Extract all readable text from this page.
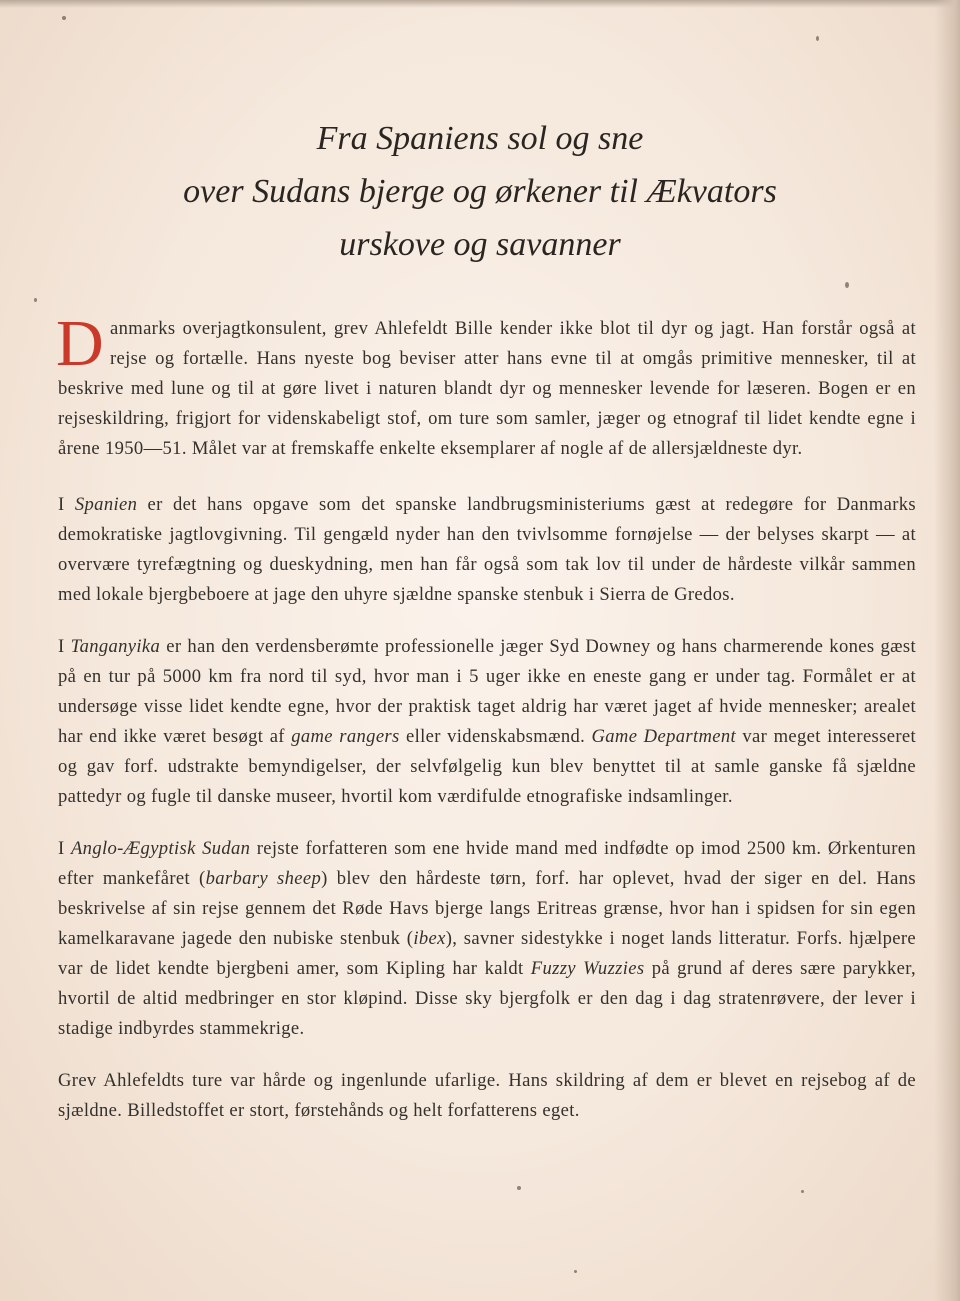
Fra Spaniens sol og sne
over Sudans bjerge og ørkener til Ækvators
urskove og savanner

Danmarks overjagtkonsulent, grev Ahlefeldt Bille kender ikke blot til dyr og jagt. Han forstår også at rejse og fortælle. Hans nyeste bog beviser atter hans evne til at omgås primitive mennesker, til at beskrive med lune og til at gøre livet i naturen blandt dyr og mennesker levende for læseren. Bogen er en rejseskildring, frigjort for videnskabeligt stof, om ture som samler, jæger og etnograf til lidet kendte egne i årene 1950—51. Målet var at fremskaffe enkelte eksemplarer af nogle af de allersjældneste dyr.

I Spanien er det hans opgave som det spanske landbrugsministeriums gæst at redegøre for Danmarks demokratiske jagtlovgivning. Til gengæld nyder han den tvivlsomme fornøjelse — der belyses skarpt — at overvære tyrefægtning og dueskydning, men han får også som tak lov til under de hårdeste vilkår sammen med lokale bjergbeboere at jage den uhyre sjældne spanske stenbuk i Sierra de Gredos.

I Tanganyika er han den verdensberømte professionelle jæger Syd Downey og hans charmerende kones gæst på en tur på 5000 km fra nord til syd, hvor man i 5 uger ikke en eneste gang er under tag. Formålet er at undersøge visse lidet kendte egne, hvor der praktisk taget aldrig har været jaget af hvide mennesker; arealet har end ikke været besøgt af game rangers eller videnskabsmænd. Game Department var meget interesseret og gav forf. udstrakte bemyndigelser, der selvfølgelig kun blev benyttet til at samle ganske få sjældne pattedyr og fugle til danske museer, hvortil kom værdifulde etnografiske indsamlinger.

I Anglo-Ægyptisk Sudan rejste forfatteren som ene hvide mand med indfødte op imod 2500 km. Ørkenturen efter mankefåret (barbary sheep) blev den hårdeste tørn, forf. har oplevet, hvad der siger en del. Hans beskrivelse af sin rejse gennem det Røde Havs bjerge langs Eritreas grænse, hvor han i spidsen for sin egen kamelkaravane jagede den nubiske stenbuk (ibex), savner sidestykke i noget lands litteratur. Forfs. hjælpere var de lidet kendte bjergbeni amer, som Kipling har kaldt Fuzzy Wuzzies på grund af deres sære parykker, hvortil de altid medbringer en stor kløpind. Disse sky bjergfolk er den dag i dag stratenrøvere, der lever i stadige indbyrdes stammekrige.

Grev Ahlefeldts ture var hårde og ingenlunde ufarlige. Hans skildring af dem er blevet en rejsebog af de sjældne. Billedstoffet er stort, førstehånds og helt forfatterens eget.
